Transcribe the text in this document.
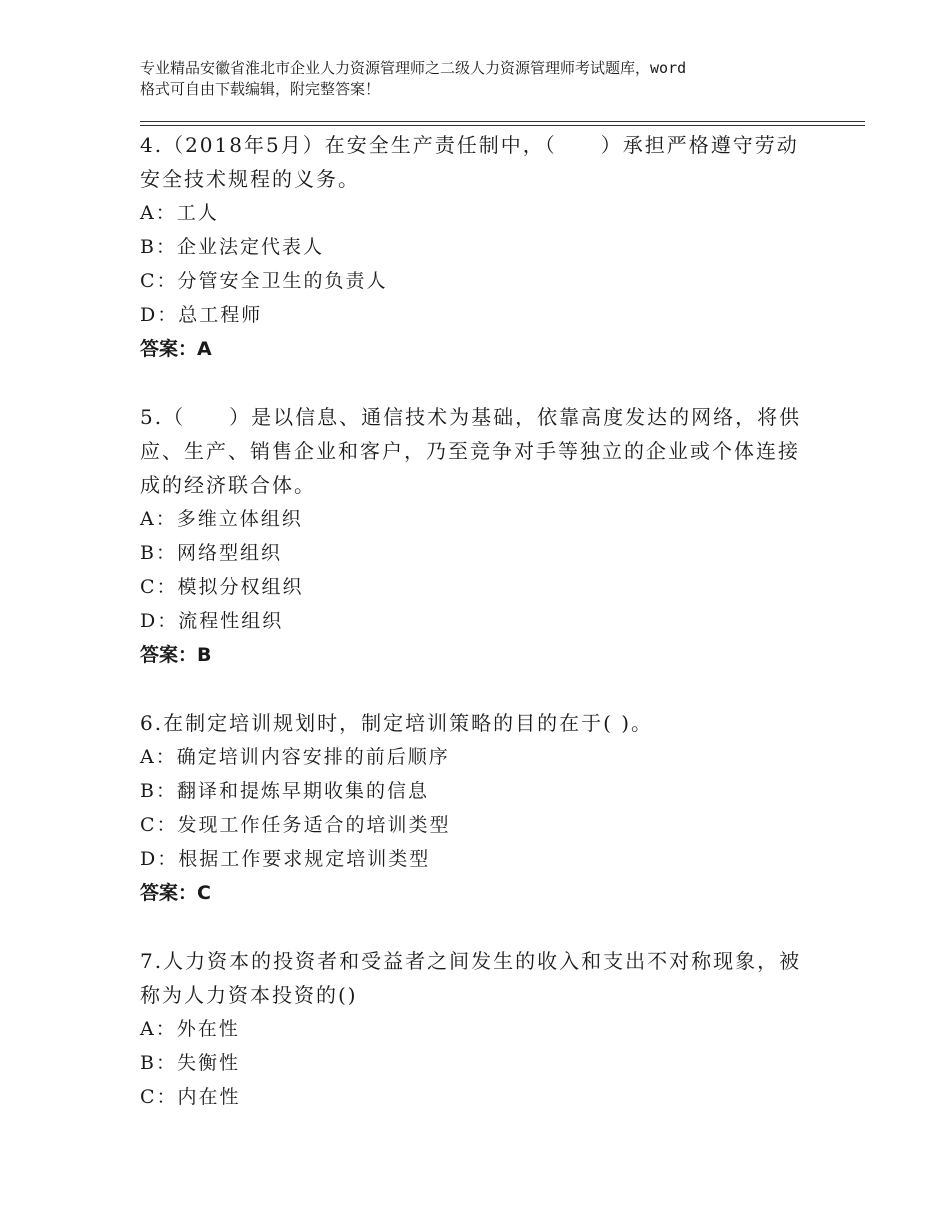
专业精品安徽省淮北市企业人力资源管理师之二级人力资源管理师考试题库，word
格式可自由下载编辑，附完整答案！

4.（2018年5月）在安全生产责任制中，（　　）承担严格遵守劳动安全技术规程的义务。

A：工人

B：企业法定代表人

C：分管安全卫生的负责人

D：总工程师

答案：A

5.（　　）是以信息、通信技术为基础，依靠高度发达的网络，将供应、生产、销售企业和客户，乃至竞争对手等独立的企业或个体连接成的经济联合体。

A：多维立体组织

B：网络型组织

C：模拟分权组织

D：流程性组织

答案：B

6.在制定培训规划时，制定培训策略的目的在于( )。

A：确定培训内容安排的前后顺序

B：翻译和提炼早期收集的信息

C：发现工作任务适合的培训类型

D：根据工作要求规定培训类型

答案：C

7.人力资本的投资者和受益者之间发生的收入和支出不对称现象，被称为人力资本投资的()

A：外在性

B：失衡性

C：内在性
